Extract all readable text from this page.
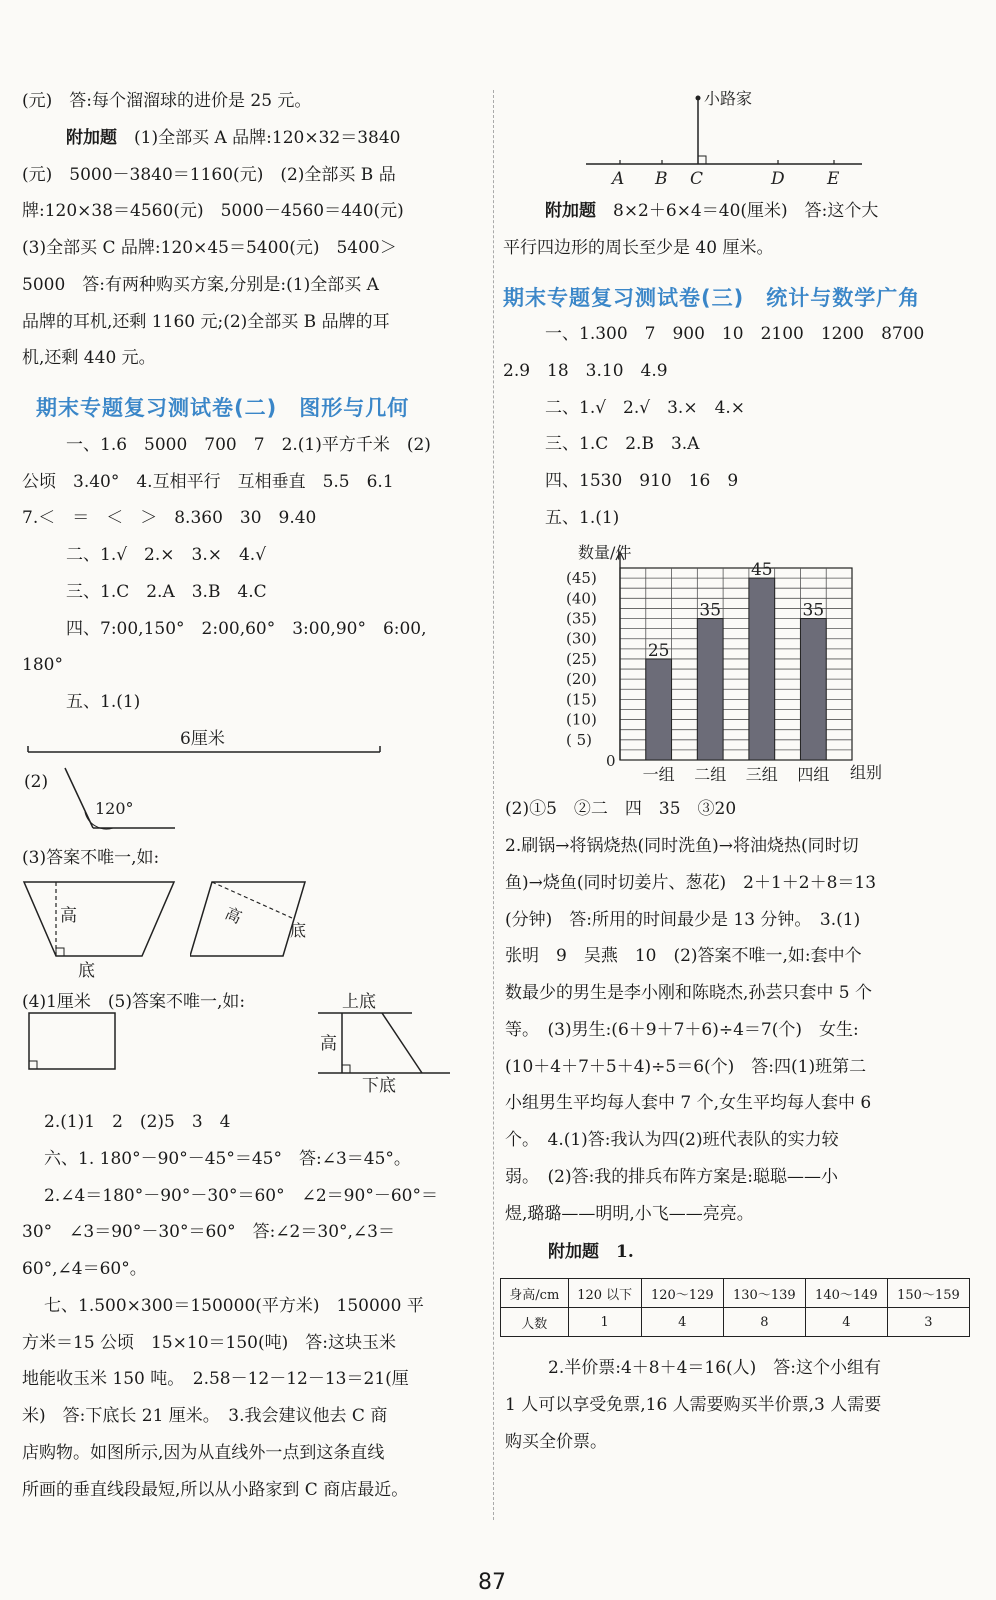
(元)　答:每个溜溜球的进价是 25 元。
附加题　(1)全部买 A 品牌:120×32＝3840
(元)　5000－3840＝1160(元)　(2)全部买 B 品
牌:120×38＝4560(元)　5000－4560＝440(元)
(3)全部买 C 品牌:120×45＝5400(元)　5400＞
5000　答:有两种购买方案,分别是:(1)全部买 A
品牌的耳机,还剩 1160 元;(2)全部买 B 品牌的耳
机,还剩 440 元。
期末专题复习测试卷(二)　图形与几何
一、1.6　5000　700　7　2.(1)平方千米　(2)
公顷　3.40°　4.互相平行　互相垂直　5.5　6.1
7.＜　＝　＜　＞　8.360　30　9.40
二、1.√　2.×　3.×　4.√
三、1.C　2.A　3.B　4.C
四、7:00,150°　2:00,60°　3:00,90°　6:00,
180°
五、1.(1)
6厘米
(2)
120°
(3)答案不唯一,如:
高
底
高
底
(4)1厘米　(5)答案不唯一,如:	上底
高
下底
2.(1)1　2　(2)5　3　4
六、1. 180°－90°－45°＝45°　答:∠3＝45°。
2.∠4＝180°－90°－30°＝60°　∠2＝90°－60°＝
30°　∠3＝90°－30°＝60°　答:∠2＝30°,∠3＝
60°,∠4＝60°。
七、1.500×300＝150000(平方米)　150000 平
方米＝15 公顷　15×10＝150(吨)　答:这块玉米
地能收玉米 150 吨。　2.58－12－12－13＝21(厘
米)　答:下底长 21 厘米。　3.我会建议他去 C 商
店购物。如图所示,因为从直线外一点到这条直线
所画的垂直线段最短,所以从小路家到 C 商店最近。
小路家
A B C	D E
附加题　8×2＋6×4＝40(厘米)　答:这个大
平行四边形的周长至少是 40 厘米。
期末专题复习测试卷(三)　统计与数学广角
一、1.300　7　900　10　2100　1200　8700
2.9　18　3.10　4.9
二、1.√　2.√　3.×　4.×
三、1.C　2.B　3.A
四、1530　910　16　9
五、1.(1)
数量/件
( 5)
(10)
(15)
(20)
(25)
(30)
(35)
(40)
(45)
0
一组 二组 三组 四组
25
35
45
35
组别
(2)①5　②二　四　35　③20
2.刷锅→将锅烧热(同时洗鱼)→将油烧热(同时切
鱼)→烧鱼(同时切姜片、葱花)　2＋1＋2＋8＝13
(分钟)　答:所用的时间最少是 13 分钟。　3.(1)
张明　9　吴燕　10　(2)答案不唯一,如:套中个
数最少的男生是李小刚和陈晓杰,孙芸只套中 5 个
等。　(3)男生:(6＋9＋7＋6)÷4＝7(个)　女生:
(10＋4＋7＋5＋4)÷5＝6(个)　答:四(1)班第二
小组男生平均每人套中 7 个,女生平均每人套中 6
个。　4.(1)答:我认为四(2)班代表队的实力较
弱。　(2)答:我的排兵布阵方案是:聪聪——小
煜,璐璐——明明,小飞——亮亮。
附加题　1.
身高/cm	120 以下	120～129	130～139	140～149	150～159
人数	1	4	8	4	3
2.半价票:4＋8＋4＝16(人)　答:这个小组有
1 人可以享受免票,16 人需要购买半价票,3 人需要
购买全价票。
87
